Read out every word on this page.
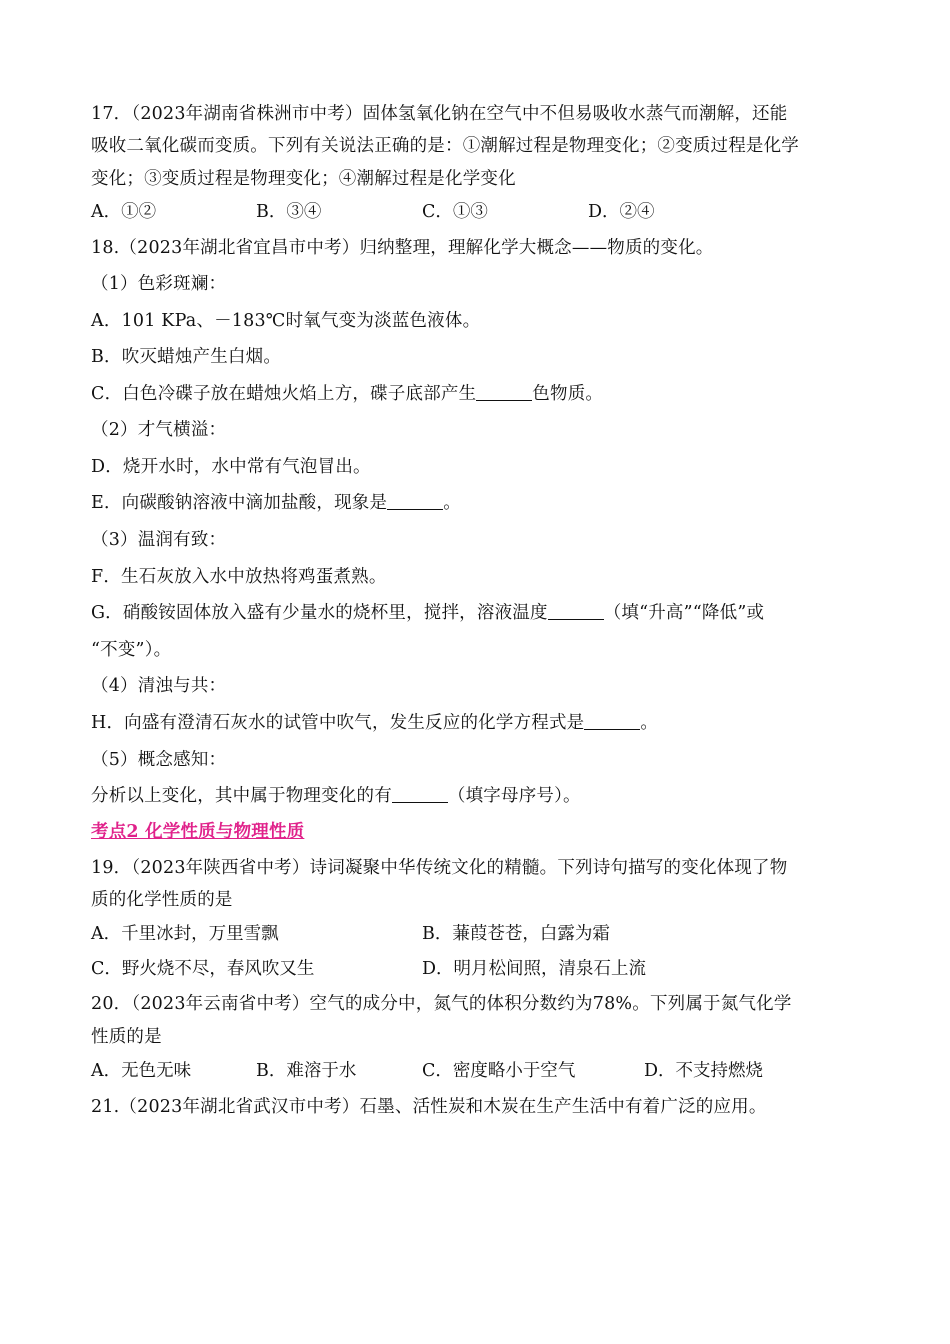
17．（2023年湖南省株洲市中考）固体氢氧化钠在空气中不但易吸收水蒸气而潮解，还能
吸收二氧化碳而变质。下列有关说法正确的是：①潮解过程是物理变化；②变质过程是化学
变化；③变质过程是物理变化；④潮解过程是化学变化
A．①②	B．③④	C．①③	D．②④
18.（2023年湖北省宜昌市中考）归纳整理，理解化学大概念——物质的变化。
（1）色彩斑斓：
A．101 KPa、－183℃时氧气变为淡蓝色液体。
B．吹灭蜡烛产生白烟。
C．白色冷碟子放在蜡烛火焰上方，碟子底部产生	色物质。
（2）才气横溢：
D．烧开水时，水中常有气泡冒出。
E．向碳酸钠溶液中滴加盐酸，现象是	。
（3）温润有致：
F．生石灰放入水中放热将鸡蛋煮熟。
G．硝酸铵固体放入盛有少量水的烧杯里，搅拌，溶液温度	（填“升高”“降低”或
“不变”）。
（4）清浊与共：
H．向盛有澄清石灰水的试管中吹气，发生反应的化学方程式是	。
（5）概念感知：
分析以上变化，其中属于物理变化的有	（填字母序号）。
考点2 化学性质与物理性质
19．（2023年陕西省中考）诗词凝聚中华传统文化的精髓。下列诗句描写的变化体现了物
质的化学性质的是
A．千里冰封，万里雪飘	B．蒹葭苍苍，白露为霜
C．野火烧不尽，春风吹又生	D．明月松间照，清泉石上流
20．（2023年云南省中考）空气的成分中，氮气的体积分数约为78%。下列属于氮气化学
性质的是
A．无色无味	B．难溶于水	C．密度略小于空气	D．不支持燃烧
21.（2023年湖北省武汉市中考）石墨、活性炭和木炭在生产生活中有着广泛的应用。
